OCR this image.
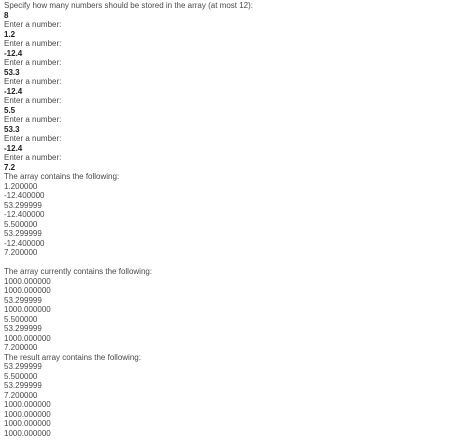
Specify how many numbers should be stored in the array (at most 12):
8
Enter a number:
1.2
Enter a number:
-12.4
Enter a number:
53.3
Enter a number:
-12.4
Enter a number:
5.5
Enter a number:
53.3
Enter a number:
-12.4
Enter a number:
7.2
The array contains the following:
1.200000
-12.400000
53.299999
-12.400000
5.500000
53.299999
-12.400000
7.200000
The array currently contains the following:
1000.000000
1000.000000
53.299999
1000.000000
5.500000
53.299999
1000.000000
7.200000
The result array contains the following:
53.299999
5.500000
53.299999
7.200000
1000.000000
1000.000000
1000.000000
1000.000000
